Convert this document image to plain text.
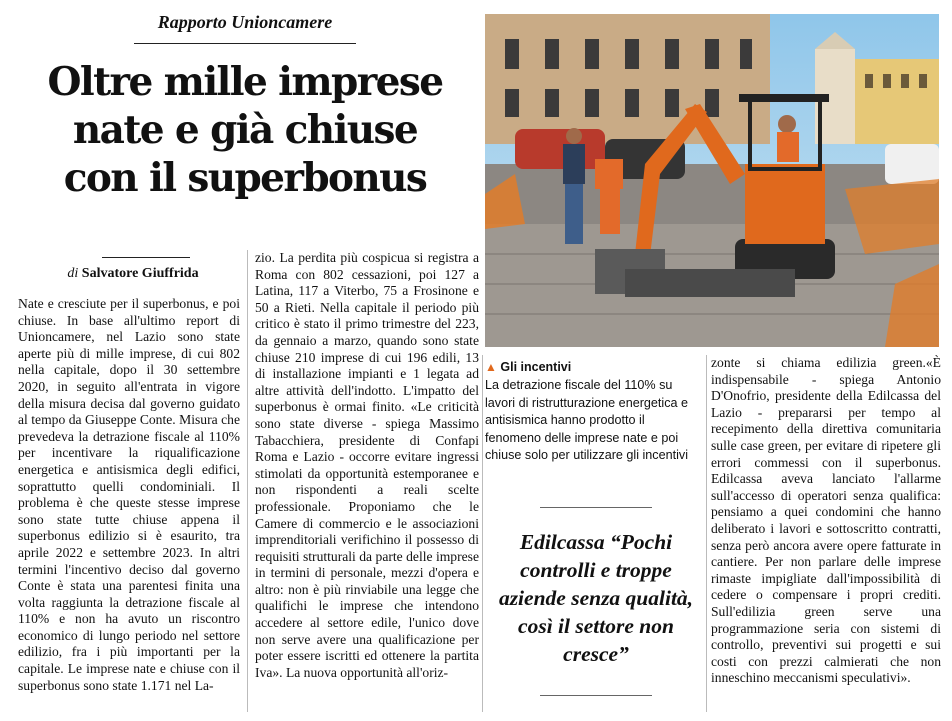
Rapporto Unioncamere
Oltre mille imprese
nate e già chiuse
con il superbonus
di Salvatore Giuffrida
Nate e cresciute per il superbonus, e poi chiuse. In base all'ultimo report di Unioncamere, nel Lazio sono state aperte più di mille imprese, di cui 802 nella capitale, dopo il 30 settembre 2020, in seguito all'entrata in vigore della misura decisa dal governo guidato al tempo da Giuseppe Conte. Misura che prevedeva la detrazione fiscale al 110% per incentivare la riqualificazione energetica e antisismica degli edifici, soprattutto quelli condominiali. Il problema è che queste stesse imprese sono state tutte chiuse appena il superbonus edilizio si è esaurito, tra aprile 2022 e settembre 2023. In altri termini l'incentivo deciso dal governo Conte è stata una parentesi finita una volta raggiunta la detrazione fiscale al 110% e non ha avuto un riscontro economico di lungo periodo nel settore edilizio, fra i più importanti per la capitale. Le imprese nate e chiuse con il superbonus sono state 1.171 nel La-
zio. La perdita più cospicua si registra a Roma con 802 cessazioni, poi 127 a Latina, 117 a Viterbo, 75 a Frosinone e 50 a Rieti. Nella capitale il periodo più critico è stato il primo trimestre del 223, da gennaio a marzo, quando sono state chiuse 210 imprese di cui 196 edili, 13 di installazione impianti e 1 legata ad altre attività dell'indotto. L'impatto del superbonus è ormai finito. «Le criticità sono state diverse - spiega Massimo Tabacchiera, presidente di Confapi Roma e Lazio - occorre evitare ingressi stimolati da opportunità estemporanee e non rispondenti a reali scelte professionale. Proponiamo che le Camere di commercio e le associazioni imprenditoriali verifichino il possesso di requisiti strutturali da parte delle imprese in termini di personale, mezzi d'opera e altro: non è più rinviabile una legge che qualifichi le imprese che intendono accedere al settore edile, l'unico dove non serve avere una qualificazione per poter essere iscritti ed ottenere la partita Iva». La nuova opportunità all'oriz-
zonte si chiama edilizia green.«È indispensabile - spiega Antonio D'Onofrio, presidente della Edilcassa del Lazio - prepararsi per tempo al recepimento della direttiva comunitaria sulle case green, per evitare di ripetere gli errori commessi con il superbonus. Edilcassa aveva lanciato l'allarme sull'accesso di operatori senza qualifica: pensiamo a quei condomini che hanno deliberato i lavori e sottoscritto contratti, senza però ancora avere opere fatturate in cantiere. Per non parlare delle imprese rimaste impigliate dall'impossibilità di cedere o compensare i propri crediti. Sull'edilizia green serve una programmazione seria con sistemi di controllo, preventivi sui progetti e sui costi con prezzi calmierati che non inneschino meccanismi speculativi».
▲ Gli incentivi
La detrazione fiscale del 110% su lavori di ristrutturazione energetica e antisismica hanno prodotto il fenomeno delle imprese nate e poi chiuse solo per utilizzare gli incentivi
Edilcassa “Pochi controlli e troppe aziende senza qualità, così il settore non cresce”
